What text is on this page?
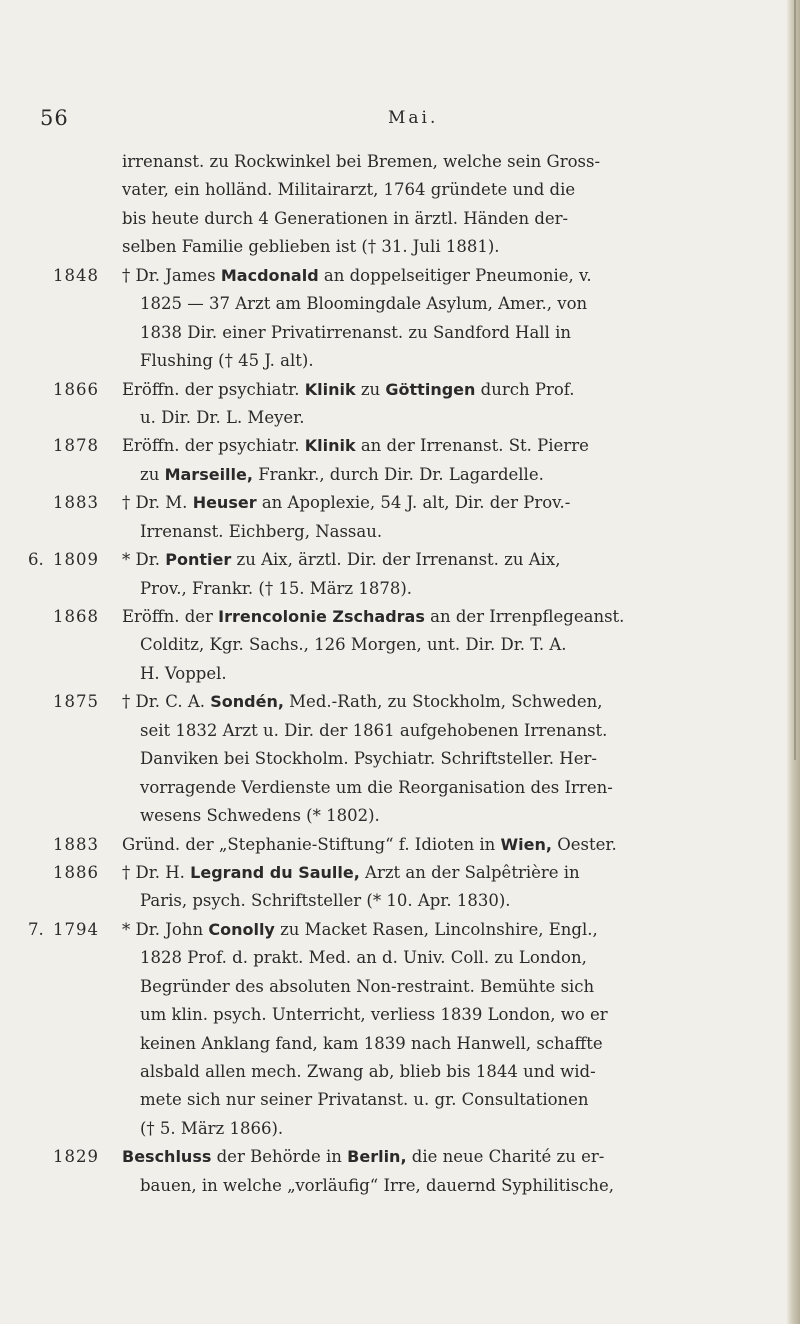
56	Mai.
irrenanst. zu Rockwinkel bei Bremen, welche sein Gross-
vater, ein holländ. Militairarzt, 1764 gründete und die
bis heute durch 4 Generationen in ärztl. Händen der-
selben Familie geblieben ist († 31. Juli 1881).
1848 † Dr. James Macdonald an doppelseitiger Pneumonie, v.
1825 — 37 Arzt am Bloomingdale Asylum, Amer., von
1838 Dir. einer Privatirrenanst. zu Sandford Hall in
Flushing († 45 J. alt).
1866 Eröffn. der psychiatr. Klinik zu Göttingen durch Prof.
u. Dir. Dr. L. Meyer.
1878 Eröffn. der psychiatr. Klinik an der Irrenanst. St. Pierre
zu Marseille, Frankr., durch Dir. Dr. Lagardelle.
1883 † Dr. M. Heuser an Apoplexie, 54 J. alt, Dir. der Prov.-
Irrenanst. Eichberg, Nassau.
6. 1809 * Dr. Pontier zu Aix, ärztl. Dir. der Irrenanst. zu Aix,
Prov., Frankr. († 15. März 1878).
1868 Eröffn. der Irrencolonie Zschadras an der Irrenpflegeanst.
Colditz, Kgr. Sachs., 126 Morgen, unt. Dir. Dr. T. A.
H. Voppel.
1875 † Dr. C. A. Sondén, Med.-Rath, zu Stockholm, Schweden,
seit 1832 Arzt u. Dir. der 1861 aufgehobenen Irrenanst.
Danviken bei Stockholm. Psychiatr. Schriftsteller. Her-
vorragende Verdienste um die Reorganisation des Irren-
wesens Schwedens (* 1802).
1883 Gründ. der „Stephanie-Stiftung“ f. Idioten in Wien, Oester.
1886 † Dr. H. Legrand du Saulle, Arzt an der Salpêtrière in
Paris, psych. Schriftsteller (* 10. Apr. 1830).
7. 1794 * Dr. John Conolly zu Macket Rasen, Lincolnshire, Engl.,
1828 Prof. d. prakt. Med. an d. Univ. Coll. zu London,
Begründer des absoluten Non-restraint. Bemühte sich
um klin. psych. Unterricht, verliess 1839 London, wo er
keinen Anklang fand, kam 1839 nach Hanwell, schaffte
alsbald allen mech. Zwang ab, blieb bis 1844 und wid-
mete sich nur seiner Privatanst. u. gr. Consultationen
(† 5. März 1866).
1829 Beschluss der Behörde in Berlin, die neue Charité zu er-
bauen, in welche „vorläufig“ Irre, dauernd Syphilitische,
